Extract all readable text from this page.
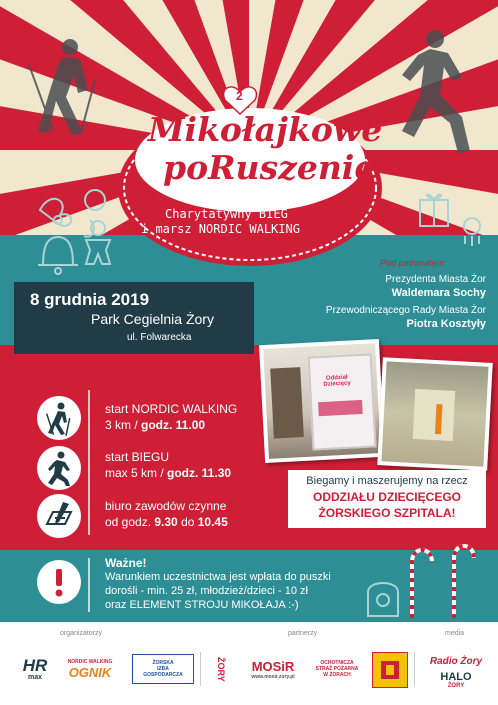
2
Mikołajkowe
poRuszenie
Charytatywny BIEG
i marsz NORDIC WALKING
8 grudnia 2019
Park Cegielnia Żory
ul. Folwarecka
Pod patronatem:
Prezydenta Miasta Żor
Waldemara Sochy
Przewodniczącego Rady Miasta Żor
Piotra Kosztyły
Oddział
Dziecięcy
start NORDIC WALKING
3 km / godz. 11.00
start BIEGU
max 5 km / godz. 11.30
biuro zawodów czynne
od godz. 9.30 do 10.45
Biegamy i maszerujemy na rzecz
ODDZIAŁU DZIECIĘCEGO
ŻORSKIEGO SZPITALA!
Ważne!
Warunkiem uczestnictwa jest wpłata do puszki
dorośli - min. 25 zł, młodzież/dzieci - 10 zł
oraz ELEMENT STROJU MIKOŁAJA :-)
organizatorzy	partnerzy	media
HR
max
NORDIC WALKING
OGNIK
ŻORSKA
IZBA
GOSPODARCZA	ŻORY MOSiR
www.mosir.zory.pl
OCHOTNICZA
STRAŻ POŻARNA
W ŻORACH
Radio Żory
HALO
ŻORY
